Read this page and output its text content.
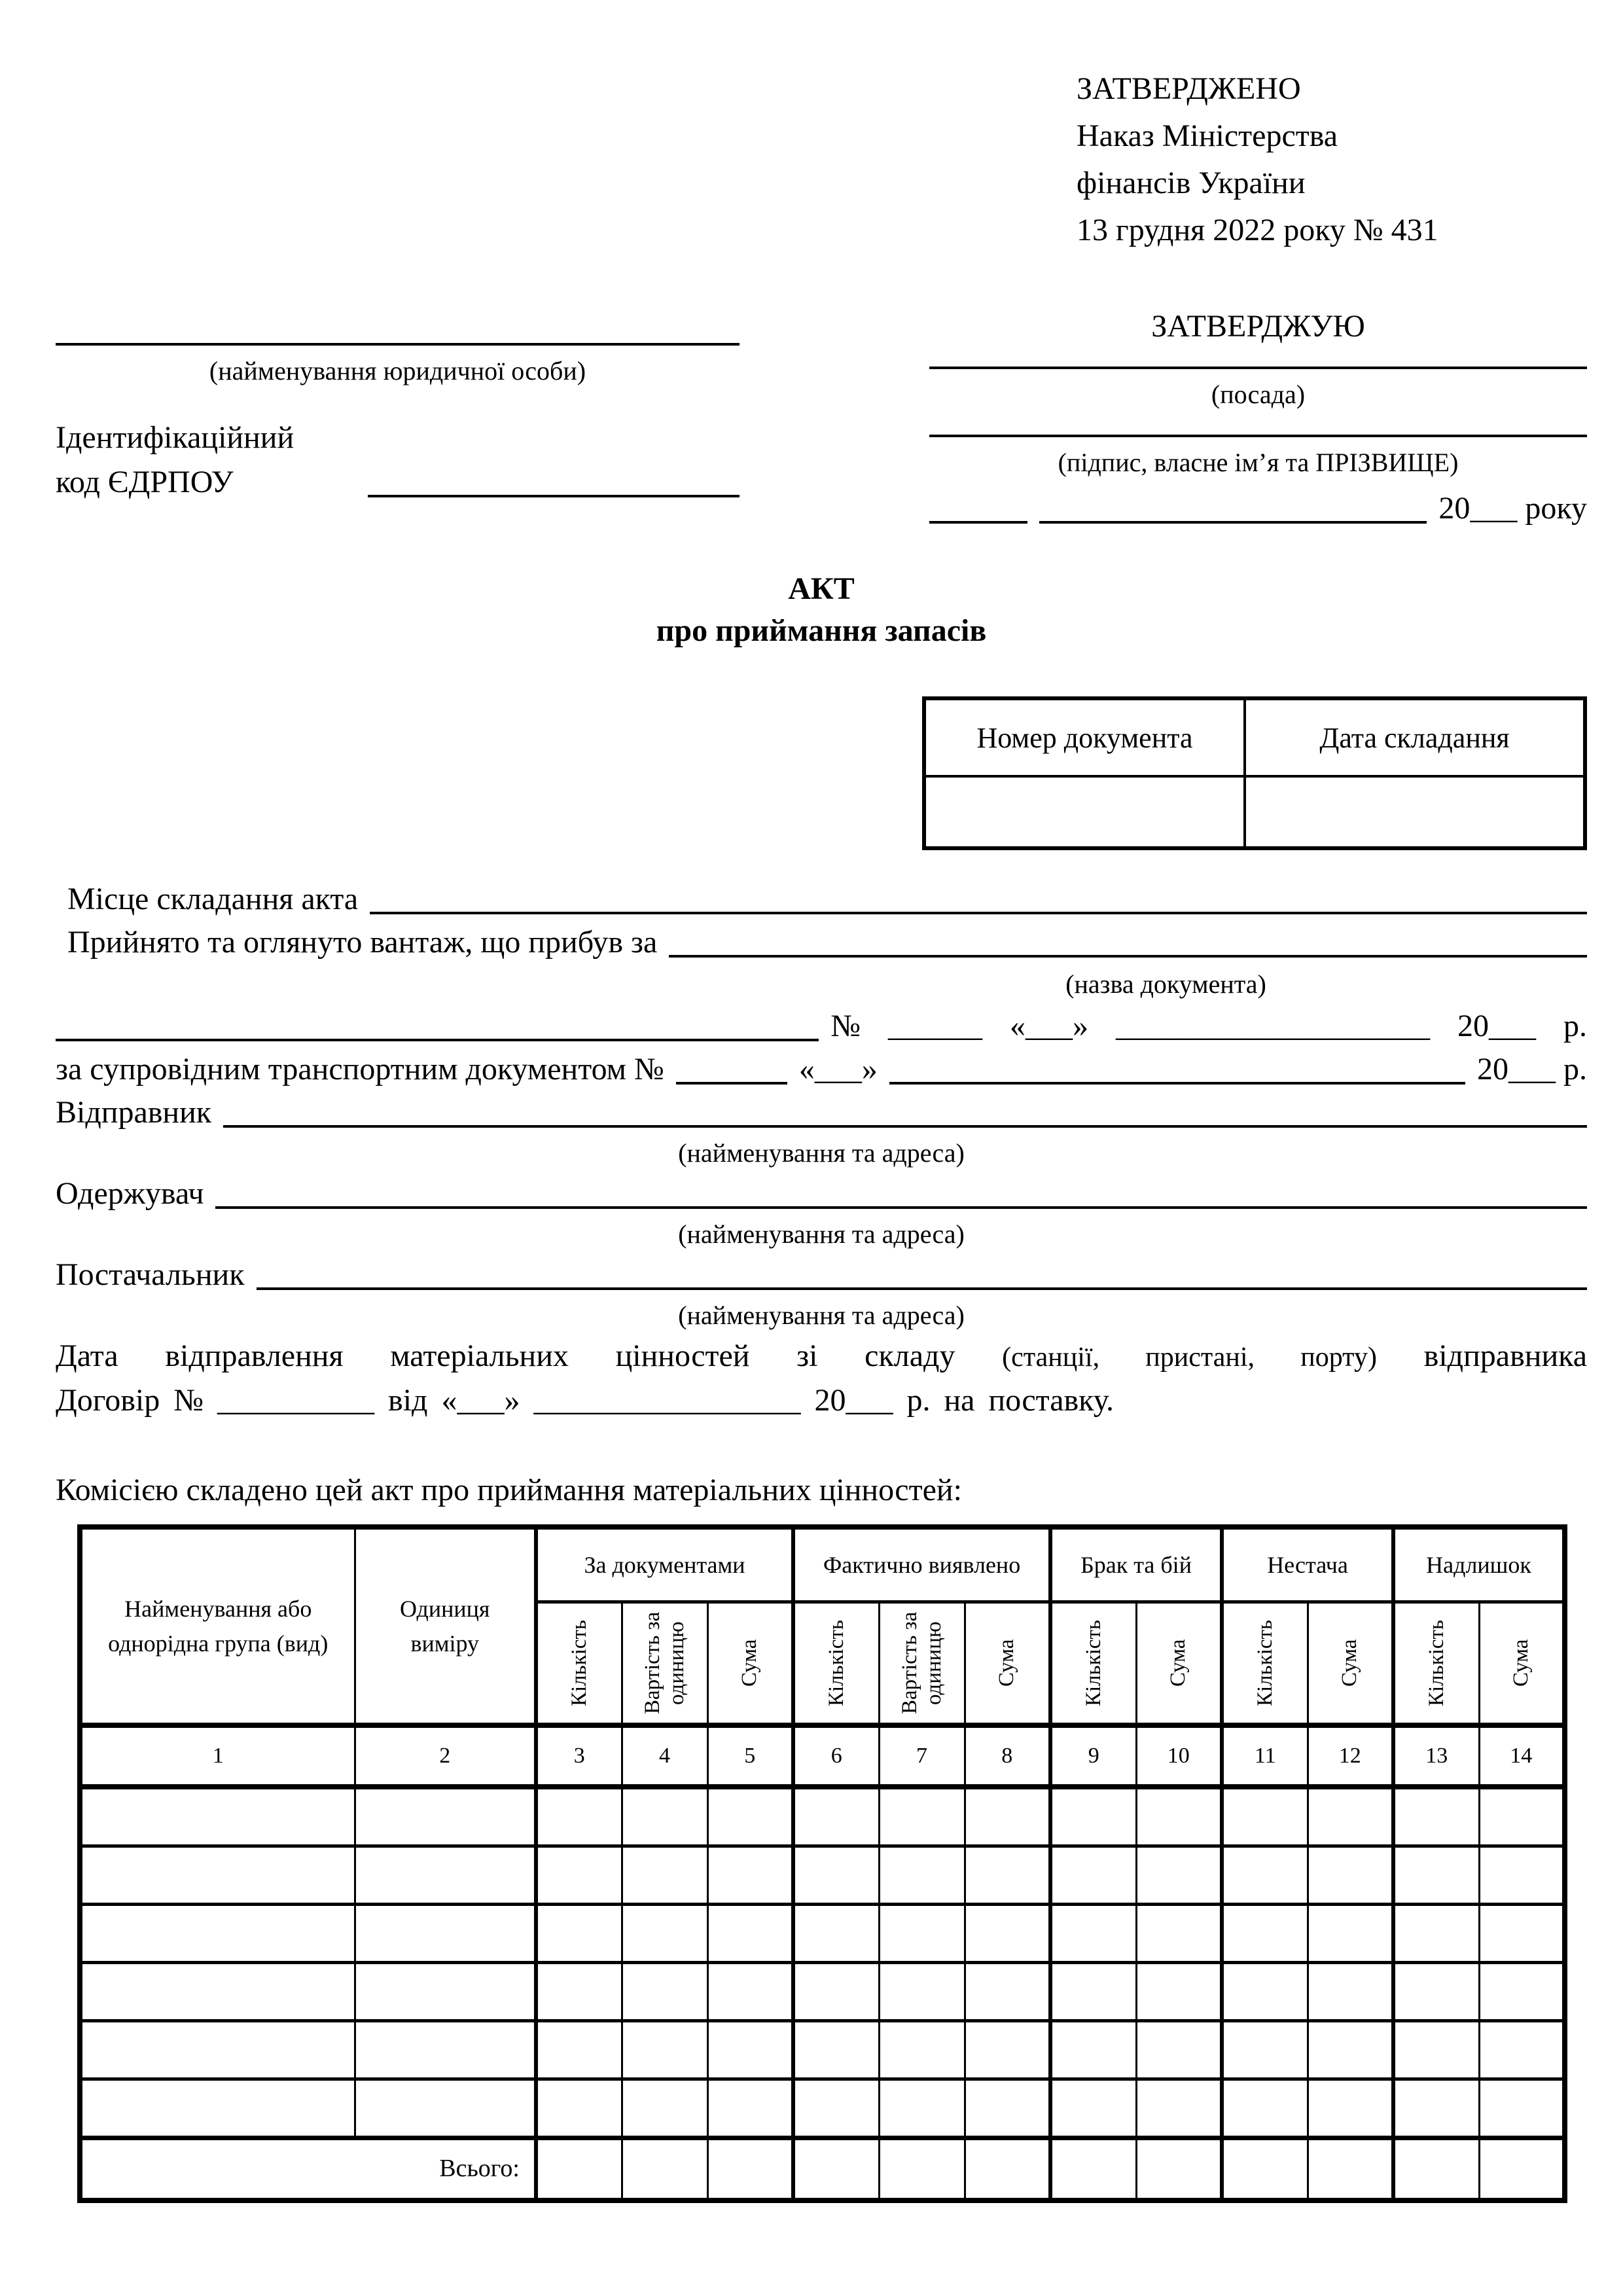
ЗАТВЕРДЖЕНО
Наказ Міністерства
фінансів України
13 грудня 2022 року № 431
(найменування юридичної особи)
Ідентифікаційний
код ЄДРПОУ
ЗАТВЕРДЖУЮ
(посада)
(підпис, власне ім’я та ПРІЗВИЩЕ)
20___ року
АКТ
про приймання запасів
Номер документа	Дата складання

Місце складання акта
Прийнято та оглянуто вантаж, що прибув за
(назва документа)
№ ______ «___» ____________________ 20___ р.
за супровідним транспортним документом №	«___»	20___ р.
Відправник
(найменування та адреса)
Одержувач
(найменування та адреса)
Постачальник
(найменування та адреса)
Дата відправлення матеріальних цінностей зі складу (станції, пристані, порту) відправника
Договір № __________ від «___» _________________ 20___ р. на поставку.
Комісією складено цей акт про приймання матеріальних цінностей:
Найменування або однорідна група (вид)	Одиниця виміру	За документами			Фактично виявлено			Брак та бій		Нестача		Надлишок	

		Кількість	Вартість за одиницю	Сума	Кількість	Вартість за одиницю	Сума	Кількість	Сума	Кількість	Сума	Кількість	Сума

1	2	3	4	5	6	7	8	9	10	11	12	13	14

Всього:													
